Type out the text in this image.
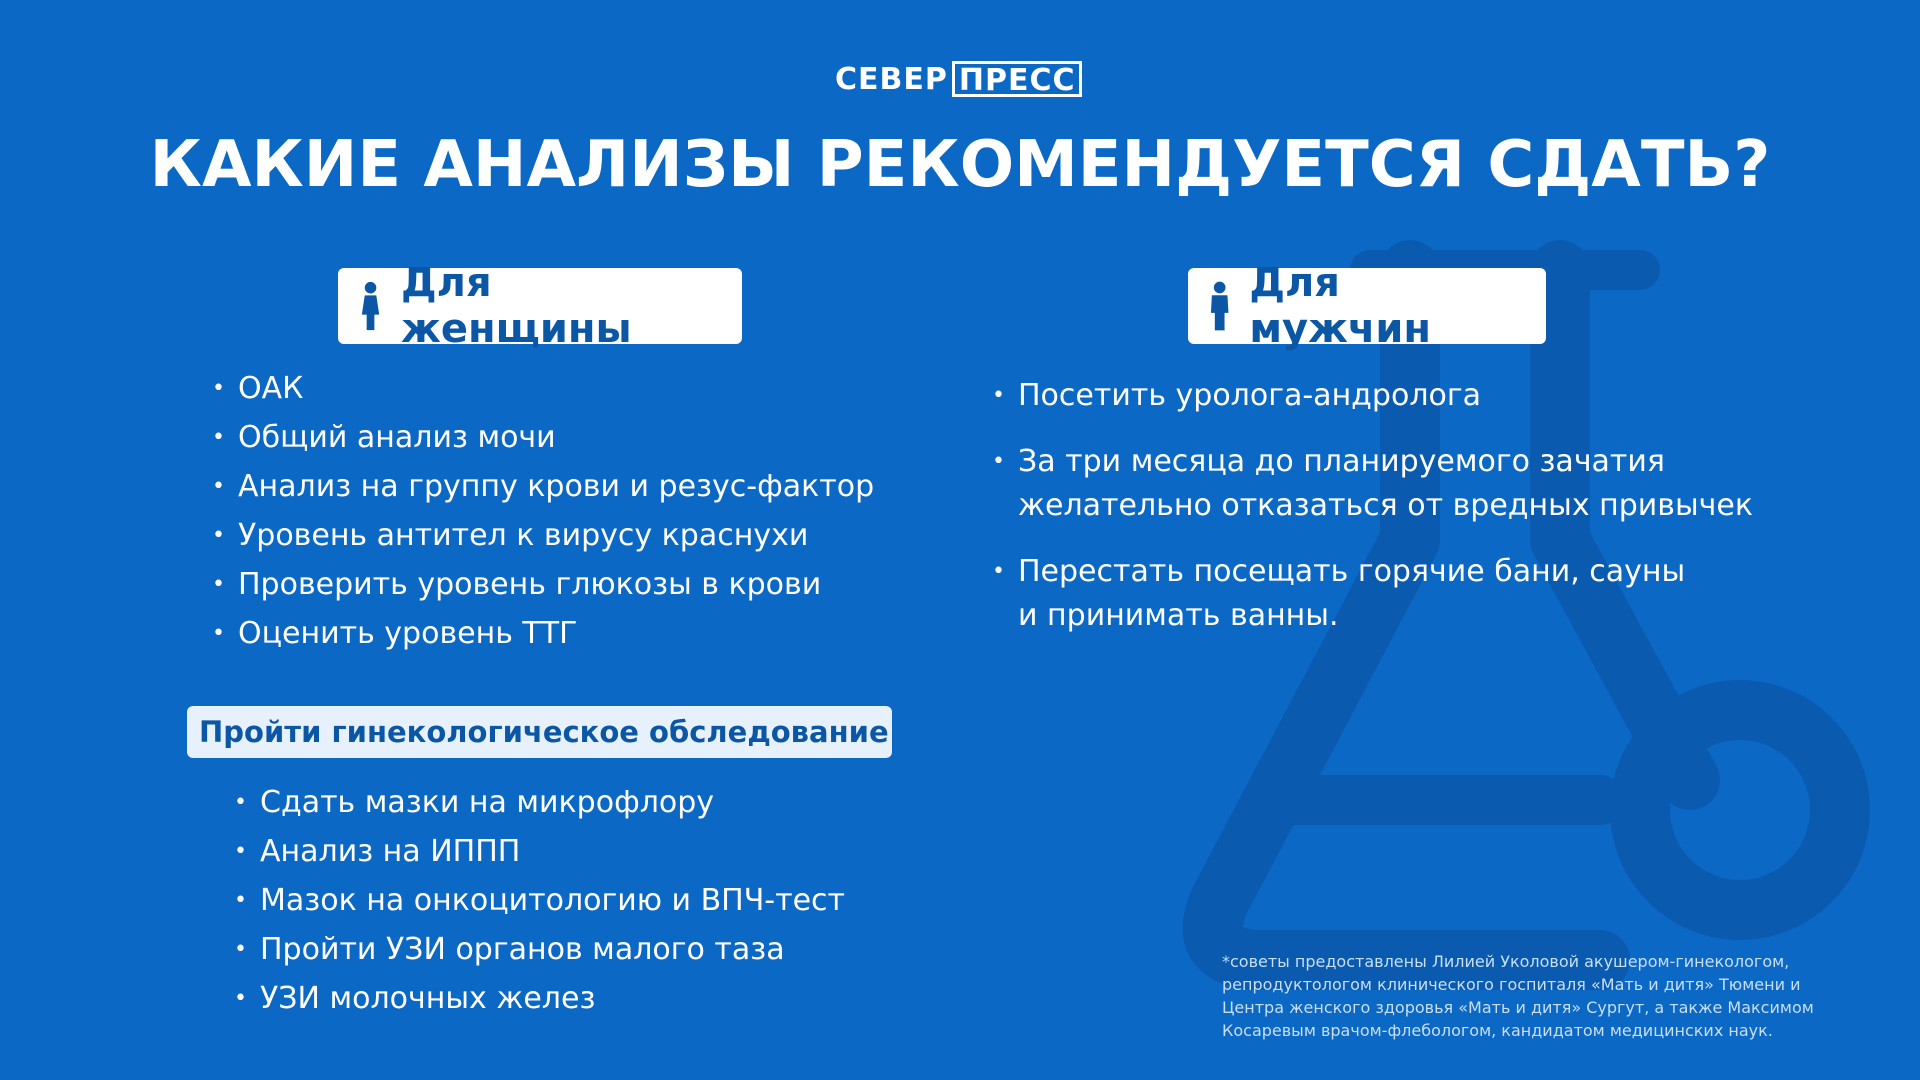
СЕВЕР ПРЕСС
КАКИЕ АНАЛИЗЫ РЕКОМЕНДУЕТСЯ СДАТЬ?
Для женщины
Для мужчин
• ОАК
• Общий анализ мочи
• Анализ на группу крови и резус-фактор
• Уровень антител к вирусу краснухи
• Проверить уровень глюкозы в крови
• Оценить уровень ТТГ
Пройти гинекологическое обследование
• Сдать мазки на микрофлору
• Анализ на ИППП
• Мазок на онкоцитологию и ВПЧ-тест
• Пройти УЗИ органов малого таза
• УЗИ молочных желез
• Посетить уролога-андролога
• За три месяца до планируемого зачатия
желательно отказаться от вредных привычек
• Перестать посещать горячие бани, сауны
и принимать ванны.
*советы предоставлены Лилией Уколовой акушером-гинекологом,
репродуктологом клинического госпиталя «Мать и дитя» Тюмени и
Центра женского здоровья «Мать и дитя» Сургут, а также Максимом
Косаревым врачом-флебологом, кандидатом медицинских наук.
